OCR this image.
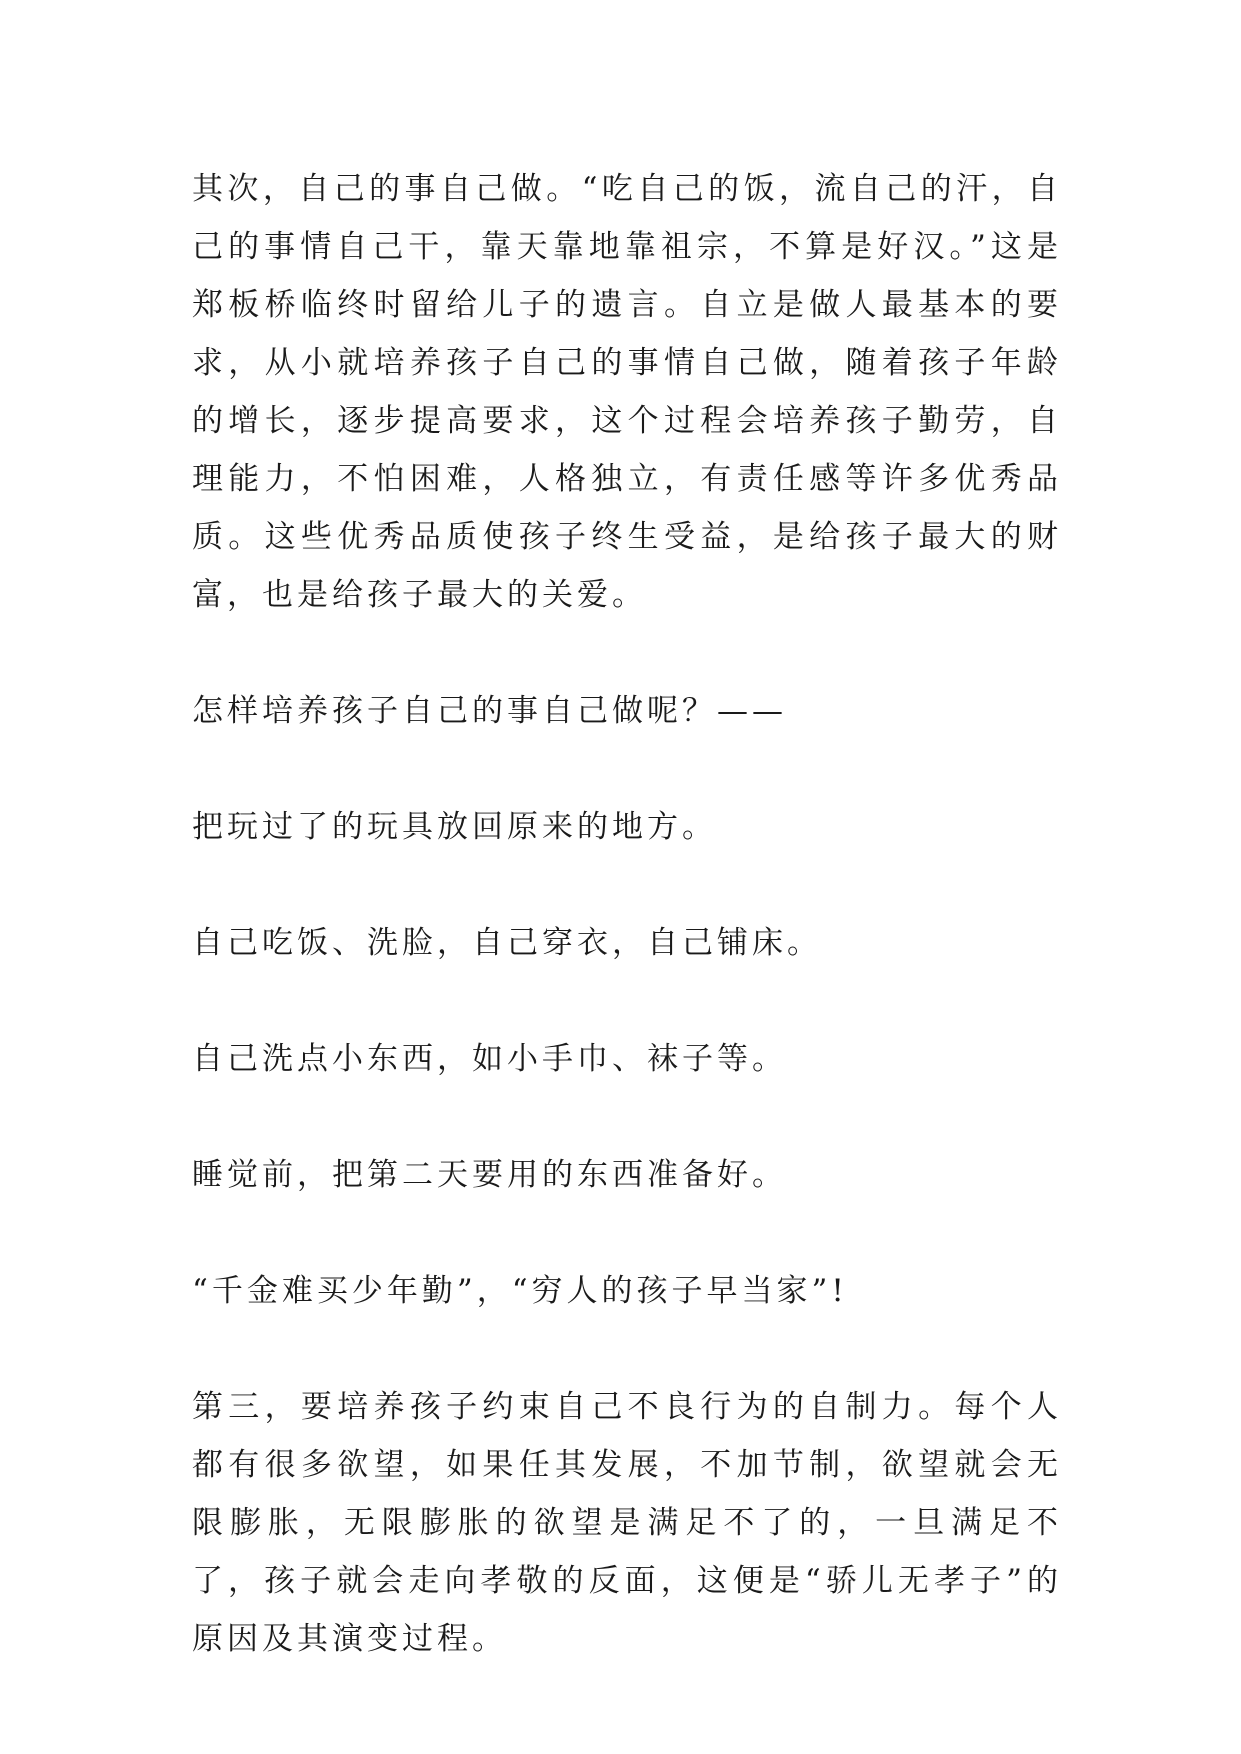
其次，自己的事自己做。“吃自己的饭，流自己的汗，自己的事情自己干，靠天靠地靠祖宗，不算是好汉。”这是郑板桥临终时留给儿子的遗言。自立是做人最基本的要求，从小就培养孩子自己的事情自己做，随着孩子年龄的增长，逐步提高要求，这个过程会培养孩子勤劳，自理能力，不怕困难，人格独立，有责任感等许多优秀品质。这些优秀品质使孩子终生受益，是给孩子最大的财富，也是给孩子最大的关爱。

怎样培养孩子自己的事自己做呢？——

把玩过了的玩具放回原来的地方。

自己吃饭、洗脸，自己穿衣，自己铺床。

自己洗点小东西，如小手巾、袜子等。

睡觉前，把第二天要用的东西准备好。

“千金难买少年勤”，“穷人的孩子早当家”!

第三，要培养孩子约束自己不良行为的自制力。每个人都有很多欲望，如果任其发展，不加节制，欲望就会无限膨胀，无限膨胀的欲望是满足不了的，一旦满足不了，孩子就会走向孝敬的反面，这便是“骄儿无孝子”的原因及其演变过程。
